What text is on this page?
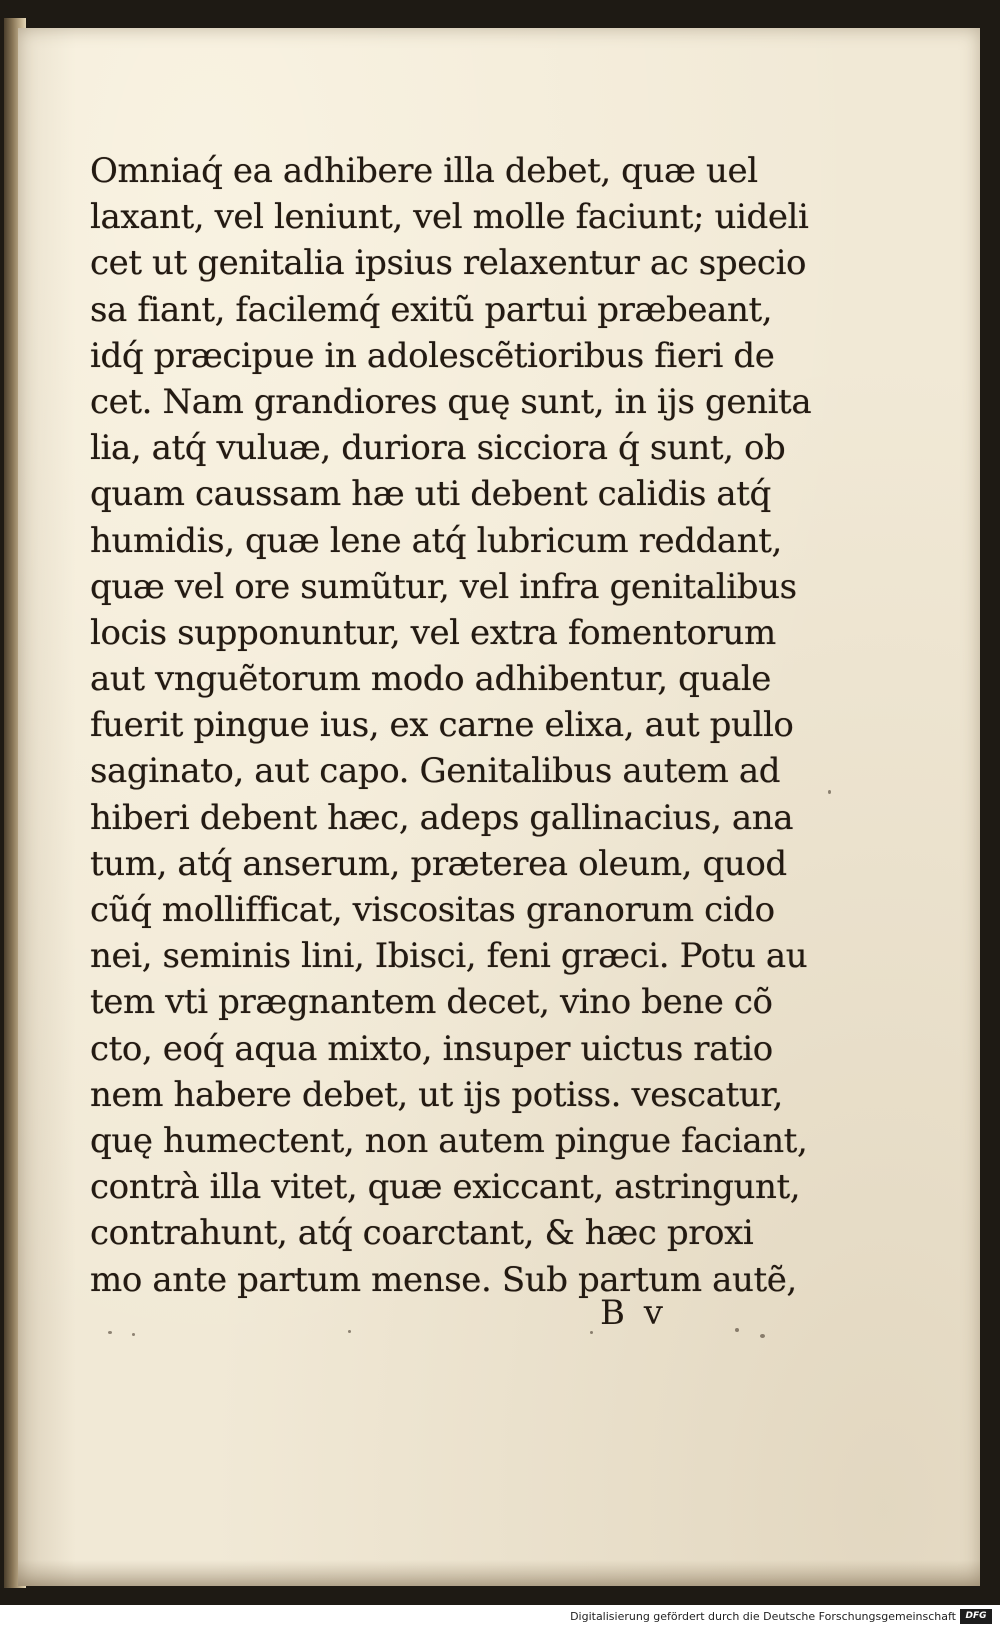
Omniaq́ ea adhibere illa debet, quæ uel
laxant, vel leniunt, vel molle faciunt; uideli
cet ut genitalia ipsius relaxentur ac specio
sa fiant, facilemq́ exitũ partui præbeant,
idq́ præcipue in adolescẽtioribus fieri de
cet. Nam grandiores quę sunt, in ijs genita
lia, atq́ vuluæ, duriora sicciora q́ sunt, ob
quam caussam hæ uti debent calidis atq́
humidis, quæ lene atq́ lubricum reddant,
quæ vel ore sumũtur, vel infra genitalibus
locis supponuntur, vel extra fomentorum
aut vnguẽtorum modo adhibentur, quale
fuerit pingue ius, ex carne elixa, aut pullo
saginato, aut capo. Genitalibus autem ad
hiberi debent hæc, adeps gallinacius, ana
tum, atq́ anserum, præterea oleum, quod
cũq́ mollifficat, viscositas granorum cido
nei, seminis lini, Ibisci, feni græci. Potu au
tem vti prægnantem decet, vino bene cõ
cto, eoq́ aqua mixto, insuper uictus ratio
nem habere debet, ut ijs potiss. vescatur,
quę humectent, non autem pingue faciant,
contrà illa vitet, quæ exiccant, astringunt,
contrahunt, atq́ coarctant, & hæc proxi
mo ante partum mense. Sub partum autẽ,
B v
Digitalisierung gefördert durch die Deutsche Forschungsgemeinschaft	DFG
